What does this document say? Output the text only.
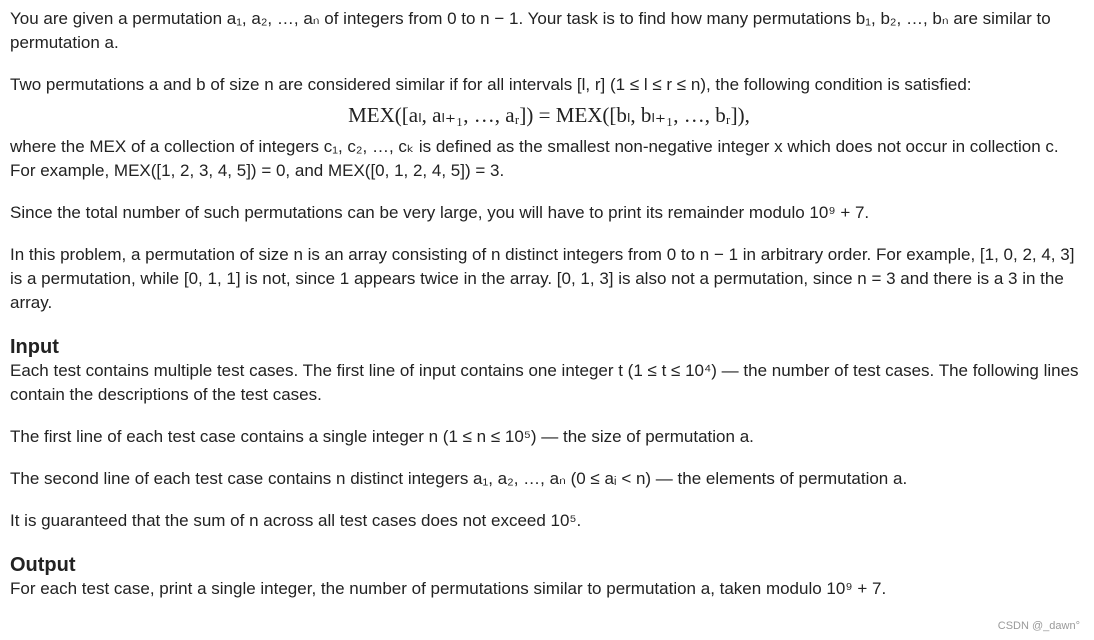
You are given a permutation a₁, a₂, …, aₙ of integers from 0 to n − 1. Your task is to find how many permutations b₁, b₂, …, bₙ are similar to permutation a.

Two permutations a and b of size n are considered similar if for all intervals [l, r] (1 ≤ l ≤ r ≤ n), the following condition is satisfied:

MEX([aₗ, aₗ₊₁, …, aᵣ]) = MEX([bₗ, bₗ₊₁, …, bᵣ]),

where the MEX of a collection of integers c₁, c₂, …, cₖ is defined as the smallest non-negative integer x which does not occur in collection c. For example, MEX([1, 2, 3, 4, 5]) = 0, and MEX([0, 1, 2, 4, 5]) = 3.

Since the total number of such permutations can be very large, you will have to print its remainder modulo 10⁹ + 7.

In this problem, a permutation of size n is an array consisting of n distinct integers from 0 to n − 1 in arbitrary order. For example, [1, 0, 2, 4, 3] is a permutation, while [0, 1, 1] is not, since 1 appears twice in the array. [0, 1, 3] is also not a permutation, since n = 3 and there is a 3 in the array.

Input

Each test contains multiple test cases. The first line of input contains one integer t (1 ≤ t ≤ 10⁴) — the number of test cases. The following lines contain the descriptions of the test cases.

The first line of each test case contains a single integer n (1 ≤ n ≤ 10⁵) — the size of permutation a.

The second line of each test case contains n distinct integers a₁, a₂, …, aₙ (0 ≤ aᵢ < n) — the elements of permutation a.

It is guaranteed that the sum of n across all test cases does not exceed 10⁵.

Output

For each test case, print a single integer, the number of permutations similar to permutation a, taken modulo 10⁹ + 7.

CSDN @_dawn°
